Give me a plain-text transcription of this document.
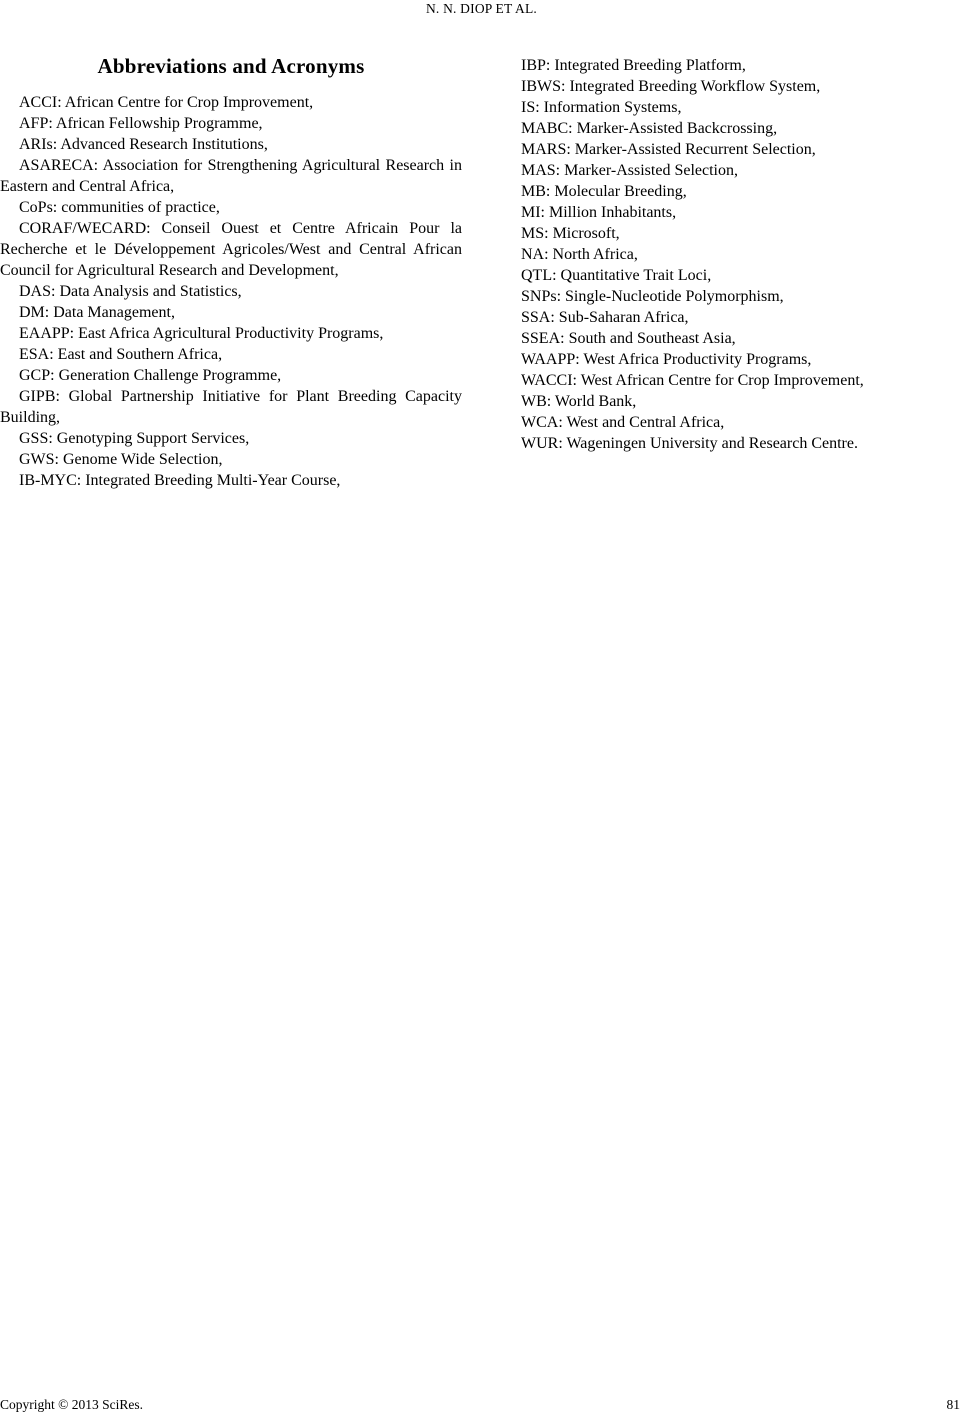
N. N. DIOP ET AL.
Abbreviations and Acronyms
ACCI: African Centre for Crop Improvement,
AFP: African Fellowship Programme,
ARIs: Advanced Research Institutions,
ASARECA: Association for Strengthening Agricultural Research in Eastern and Central Africa,
CoPs: communities of practice,
CORAF/WECARD: Conseil Ouest et Centre Africain Pour la Recherche et le Développement Agricoles/West and Central African Council for Agricultural Research and Development,
DAS: Data Analysis and Statistics,
DM: Data Management,
EAAPP: East Africa Agricultural Productivity Programs,
ESA: East and Southern Africa,
GCP: Generation Challenge Programme,
GIPB: Global Partnership Initiative for Plant Breeding Capacity Building,
GSS: Genotyping Support Services,
GWS: Genome Wide Selection,
IB-MYC: Integrated Breeding Multi-Year Course,
IBP: Integrated Breeding Platform,
IBWS: Integrated Breeding Workflow System,
IS: Information Systems,
MABC: Marker-Assisted Backcrossing,
MARS: Marker-Assisted Recurrent Selection,
MAS: Marker-Assisted Selection,
MB: Molecular Breeding,
MI: Million Inhabitants,
MS: Microsoft,
NA: North Africa,
QTL: Quantitative Trait Loci,
SNPs: Single-Nucleotide Polymorphism,
SSA: Sub-Saharan Africa,
SSEA: South and Southeast Asia,
WAAPP: West Africa Productivity Programs,
WACCI: West African Centre for Crop Improvement,
WB: World Bank,
WCA: West and Central Africa,
WUR: Wageningen University and Research Centre.
Copyright © 2013 SciRes.	81
